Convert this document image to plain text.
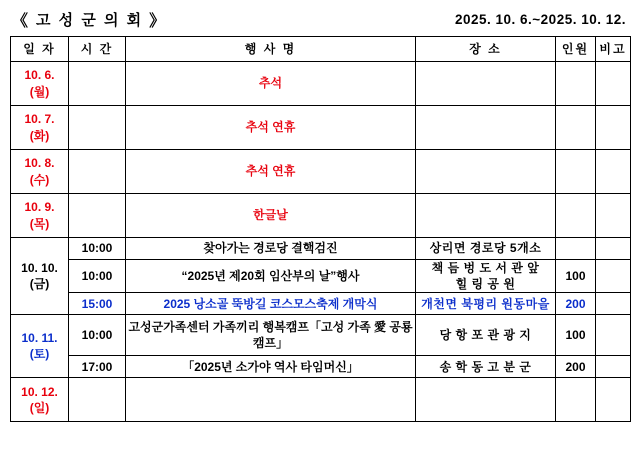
《 고 성 군 의 회 》	2025. 10. 6.~2025. 10. 12.
일 자	시 간	행 사 명	장 소	인원	비고

10. 6.
(월)		추석			

10. 7.
(화)		추석 연휴			

10. 8.
(수)		추석 연휴			

10. 9.
(목)		한글날			

10. 10.
(금)	10:00	찾아가는 경로당 결핵검진	상리면 경로당 5개소		
	10:00	“2025년 제20회 임산부의 날”행사	책 듬 벙 도 서 관 앞
힐 링 공 원	100	
	15:00	2025 낭소골 뚝방길 코스모스축제 개막식	개천면 북평리 원동마을	200	

10. 11.
(토)	10:00	고성군가족센터 가족끼리 행복캠프「고성 가족 愛 공룡캠프」	당 항 포 관 광 지	100	
	17:00	「2025년 소가야 역사 타임머신」	송 학 동 고 분 군	200	

10. 12.
(일)					
